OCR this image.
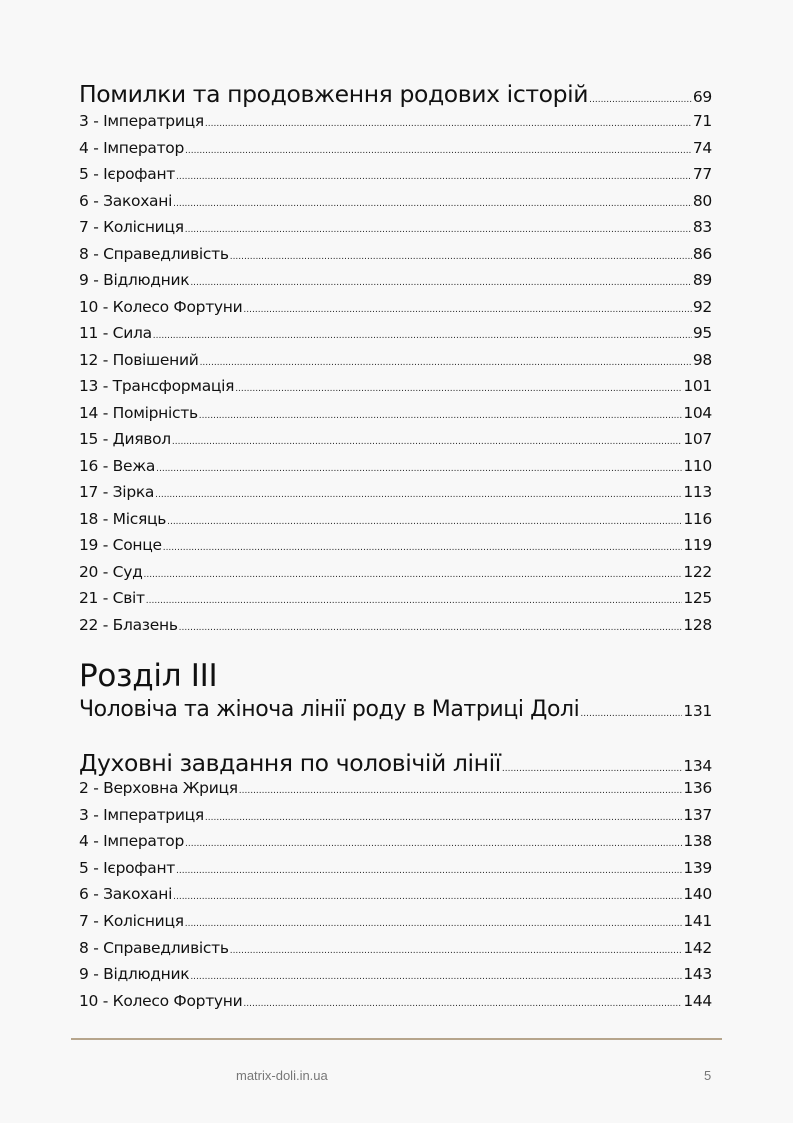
Помилки та продовження родових історій .....	69
3 - Імператриця .....	71
4 - Імператор .....	74
5 - Ієрофант .....	77
6 - Закохані .....	80
7 - Колісниця .....	83
8 - Справедливість .....	86
9 - Відлюдник .....	89
10 - Колесо Фортуни .....	92
11 - Сила .....	95
12 - Повішений .....	98
13 - Трансформація .....	101
14 - Помірність .....	104
15 - Диявол .....	107
16 - Вежа .....	110
17 - Зірка .....	113
18 - Місяць .....	116
19 - Сонце .....	119
20 - Суд .....	122
21 - Світ .....	125
22 - Блазень .....	128
Розділ III
Чоловіча та жіноча лінії роду в Матриці Долі .....	131
Духовні завдання по чоловічій лінії .....	134
2 - Верховна Жриця .....	136
3 - Імператриця .....	137
4 - Імператор .....	138
5 - Ієрофант .....	139
6 - Закохані .....	140
7 - Колісниця .....	141
8 - Справедливість .....	142
9 - Відлюдник .....	143
10 - Колесо Фортуни .....	144
matrix-doli.in.ua	5
